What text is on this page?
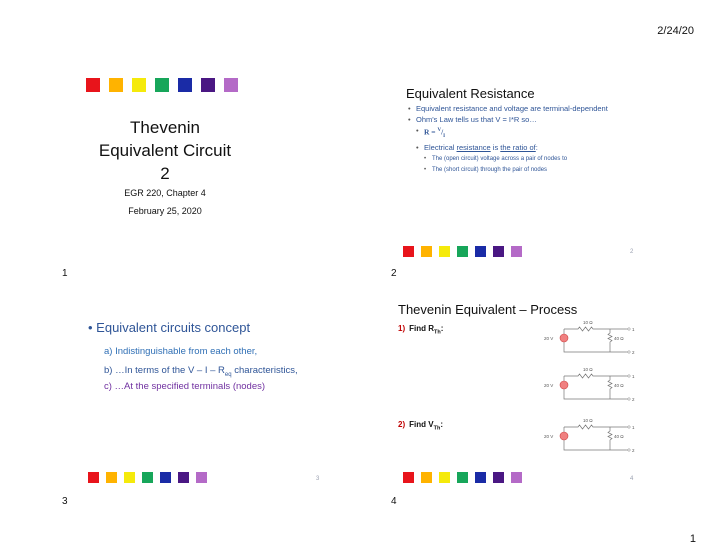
2/24/20
Thevenin
Equivalent Circuit 2
EGR 220, Chapter 4
February 25, 2020
1
Equivalent Resistance
• Equivalent resistance and voltage are terminal-dependent
• Ohm's Law tells us that V = I*R so…
• $R = ^V/_I$
• Electrical resistance is the ratio of:
• The (open circuit) voltage across a pair of nodes to
• The (short circuit) through the pair of nodes
2
2
• Equivalent circuits concept
a) Indistinguishable from each other,
b) …In terms of the V – I – $R_{eq}$ characteristics,
c) …At the specified terminals (nodes)
3
3
Thevenin Equivalent – Process
1) Find $R_{Th}$:
2) Find $V_{Th}$:
10 Ω
20 V	40 Ω
1
2
10 Ω
20 V	40 Ω
1
2
10 Ω
20 V	40 Ω
1
2
4
4
1
